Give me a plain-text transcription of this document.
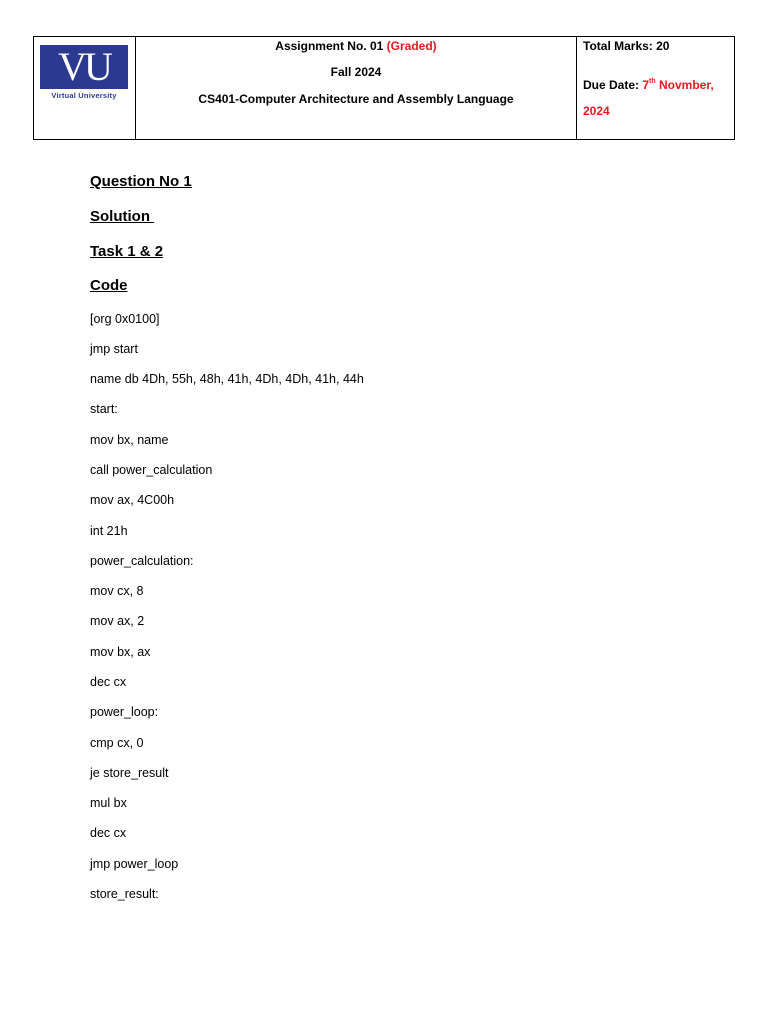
VU
Virtual University
Assignment No. 01 (Graded)
Fall 2024
CS401-Computer Architecture and Assembly Language
Total Marks: 20
Due Date: 7th Novmber,
2024
Question No 1
Solution
Task 1 & 2
Code
[org 0x0100]
jmp start
name db 4Dh, 55h, 48h, 41h, 4Dh, 4Dh, 41h, 44h
start:
mov bx, name
call power_calculation
mov ax, 4C00h
int 21h
power_calculation:
mov cx, 8
mov ax, 2
mov bx, ax
dec cx
power_loop:
cmp cx, 0
je store_result
mul bx
dec cx
jmp power_loop
store_result:
